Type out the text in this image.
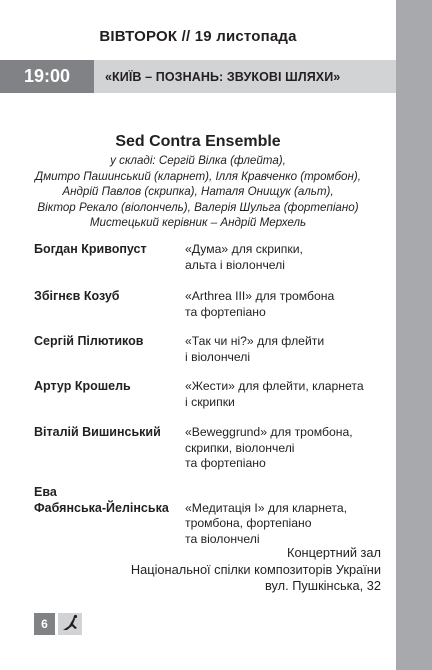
ВІВТОРОК // 19 листопада
19:00	«КИЇВ – ПОЗНАНЬ: ЗВУКОВІ ШЛЯХИ»
Sed Contra Ensemble
у складі: Сергій Вілка (флейта),
Дмитро Пашинський (кларнет), Ілля Кравченко (тромбон),
Андрій Павлов (скрипка), Наталя Онищук (альт),
Віктор Рекало (віолончель), Валерія Шульга (фортепіано)
Мистецький керівник – Андрій Мерхель
Богдан Кривопуст	«Дума» для скрипки,
альта і віолончелі
Збігнєв Козуб	«Arthrea III» для тромбона
та фортепіано
Сергій Пілютиков	«Так чи ні?» для флейти
і віолончелі
Артур Крошель	«Жести» для флейти, кларнета
і скрипки
Віталій Вишинський «Beweggrund» для тромбона,
скрипки, віолончелі
та фортепіано
Ева
Фабянська-Йелінська «Медитація І» для кларнета,
тромбона, фортепіано
та віолончелі
Концертний зал
Національної спілки композиторів України
вул. Пушкінська, 32
6
